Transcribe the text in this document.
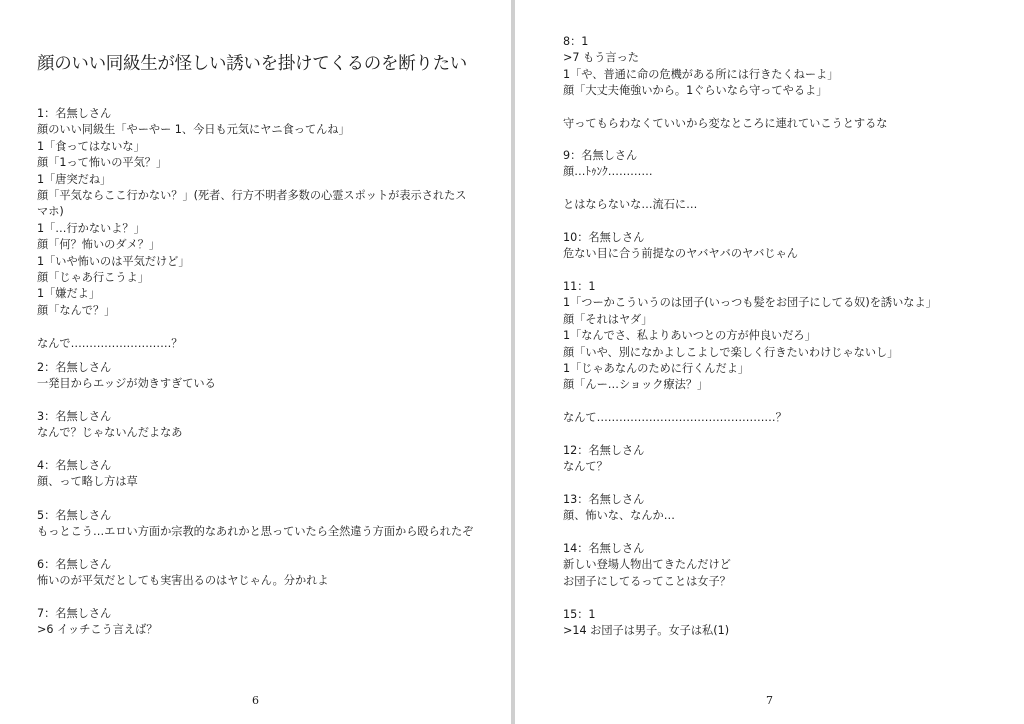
顔のいい同級生が怪しい誘いを掛けてくるのを断りたい
1：名無しさん
顔のいい同級生「やーやー 1、今日も元気にヤニ食ってんね」
1「食ってはないな」
顔「1って怖いの平気？」
1「唐突だね」
顔「平気ならここ行かない？」(死者、行方不明者多数の心霊スポットが表示されたスマホ)
1「…行かないよ？」
顔「何？怖いのダメ？」
1「いや怖いのは平気だけど」
顔「じゃあ行こうよ」
1「嫌だよ」
顔「なんで？」
なんで………………………？
2：名無しさん
一発目からエッジが効きすぎている
3：名無しさん
なんで？じゃないんだよなあ
4：名無しさん
顔、って略し方は草
5：名無しさん
もっとこう…エロい方面か宗教的なあれかと思っていたら全然違う方面から殴られたぞ
6：名無しさん
怖いのが平気だとしても実害出るのはヤじゃん。分かれよ
7：名無しさん
>6 イッチこう言えば？
6
8：1
>7 もう言った
1「や、普通に命の危機がある所には行きたくねーよ」
顔「大丈夫俺強いから。1ぐらいなら守ってやるよ」
守ってもらわなくていいから変なところに連れていこうとするな
9：名無しさん
顔…ﾄｩﾝｸ…………
とはならないな…流石に…
10：名無しさん
危ない目に合う前提なのヤバヤバのヤバじゃん
11：1
1「つーかこういうのは団子(いっつも髪をお団子にしてる奴)を誘いなよ」
顔「それはヤダ」
1「なんでさ、私よりあいつとの方が仲良いだろ」
顔「いや、別になかよしこよしで楽しく行きたいわけじゃないし」
1「じゃあなんのために行くんだよ」
顔「んー…ショック療法？」
なんて…………………………………………？
12：名無しさん
なんて？
13：名無しさん
顔、怖いな、なんか…
14：名無しさん
新しい登場人物出てきたんだけど
お団子にしてるってことは女子？
15：1
>14 お団子は男子。女子は私(1)
7
